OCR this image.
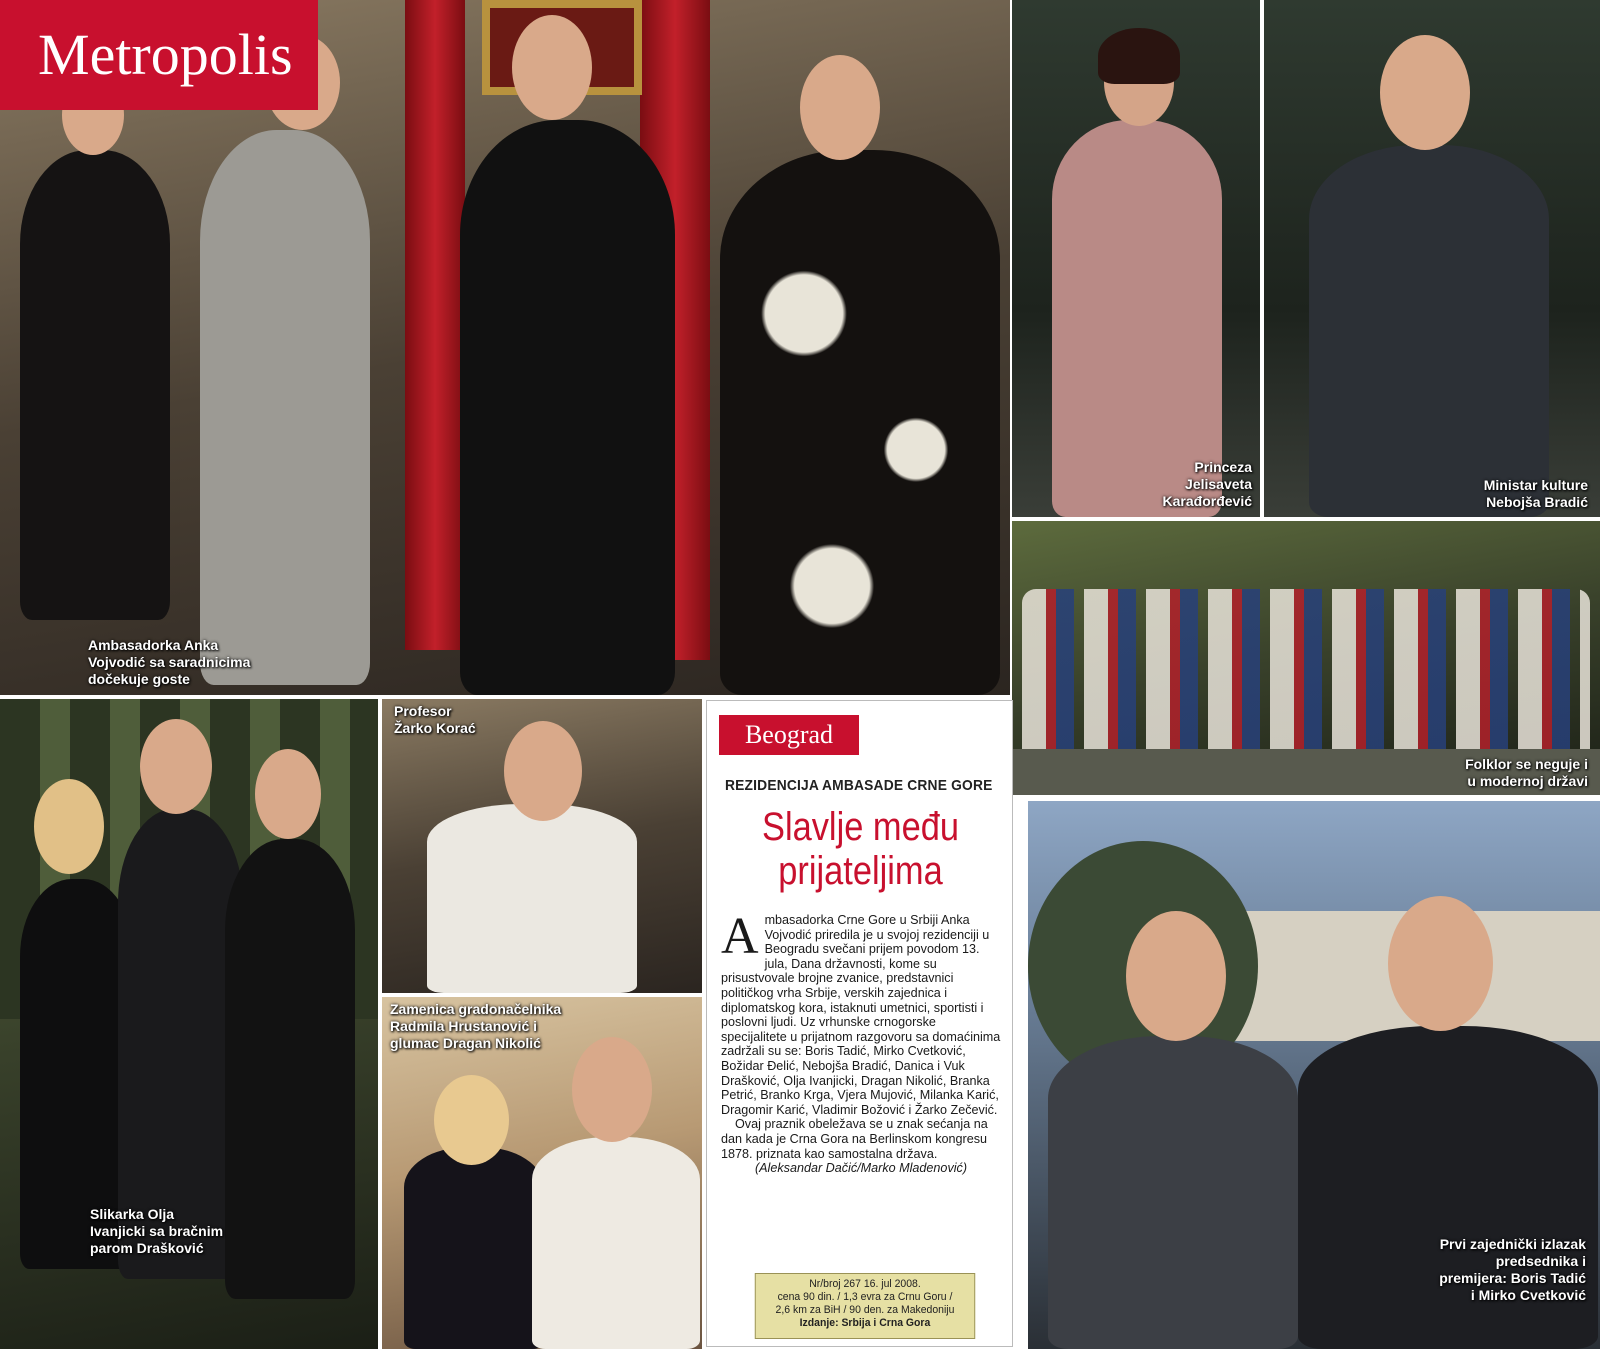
Ambasadorka Anka
Vojvodić sa saradnicima
dočekuje goste
Metropolis
Princeza
Jelisaveta
Karađorđević
Ministar kulture
Nebojša Bradić
Folklor se neguje i
u modernoj državi
Prvi zajednički izlazak
predsednika i
premijera: Boris Tadić
i Mirko Cvetković
Slikarka Olja
Ivanjicki sa bračnim
parom Drašković
Profesor
Žarko Korać
Zamenica gradonačelnika
Radmila Hrustanović i
glumac Dragan Nikolić
Beograd
REZIDENCIJA AMBASADE CRNE GORE
Slavlje među
prijateljima

Ambasadorka Crne Gore u Srbiji Anka Vojvodić priredila je u svojoj rezidenciji u Beogradu svečani prijem povodom 13. jula, Dana državnosti, kome su prisustvovale brojne zvanice, predstavnici političkog vrha Srbije, verskih zajednica i diplomatskog kora, istaknuti umetnici, sportisti i poslovni ljudi. Uz vrhunske crnogorske specijalitete u prijatnom razgovoru sa domaćinima zadržali su se: Boris Tadić, Mirko Cvetković, Božidar Đelić, Nebojša Bradić, Danica i Vuk Drašković, Olja Ivanjicki, Dragan Nikolić, Branka Petrić, Branko Krga, Vjera Mujović, Milanka Karić, Dragomir Karić, Vladimir Božović i Žarko Zečević.

Ovaj praznik obeležava se u znak sećanja na dan kada je Crna Gora na Berlinskom kongresu 1878. priznata kao samostalna država.

(Aleksandar Dačić/Marko Mladenović)

Nr/broj 267 16. jul 2008.
cena 90 din. / 1,3 evra za Crnu Goru /
2,6 km za BiH / 90 den. za Makedoniju
Izdanje: Srbija i Crna Gora
